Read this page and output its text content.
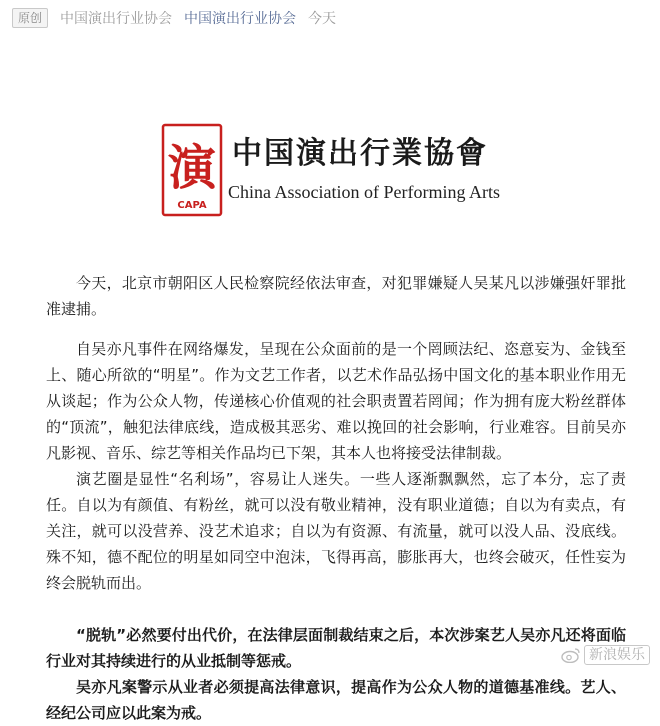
原创	中国演出行业协会 中国演出行业协会 今天
演
CAPA
中国演出行業協會
China Association of Performing Arts

今天，北京市朝阳区人民检察院经依法审查，对犯罪嫌疑人吴某凡以涉嫌强奸罪批准逮捕。

自吴亦凡事件在网络爆发，呈现在公众面前的是一个罔顾法纪、恣意妄为、金钱至上、随心所欲的“明星”。作为文艺工作者，以艺术作品弘扬中国文化的基本职业作用无从谈起；作为公众人物，传递核心价值观的社会职责置若罔闻；作为拥有庞大粉丝群体的“顶流”，触犯法律底线，造成极其恶劣、难以挽回的社会影响，行业难容。目前吴亦凡影视、音乐、综艺等相关作品均已下架，其本人也将接受法律制裁。

演艺圈是显性“名利场”，容易让人迷失。一些人逐渐飘飘然，忘了本分，忘了责任。自以为有颜值、有粉丝，就可以没有敬业精神，没有职业道德；自以为有卖点，有关注，就可以没营养、没艺术追求；自以为有资源、有流量，就可以没人品、没底线。殊不知，德不配位的明星如同空中泡沫，飞得再高，膨胀再大，也终会破灭，任性妄为终会脱轨而出。

“脱轨”必然要付出代价，在法律层面制裁结束之后，本次涉案艺人吴亦凡还将面临行业对其持续进行的从业抵制等惩戒。

吴亦凡案警示从业者必须提高法律意识，提高作为公众人物的道德基准线。艺人、经纪公司应以此案为戒。

新浪娱乐
